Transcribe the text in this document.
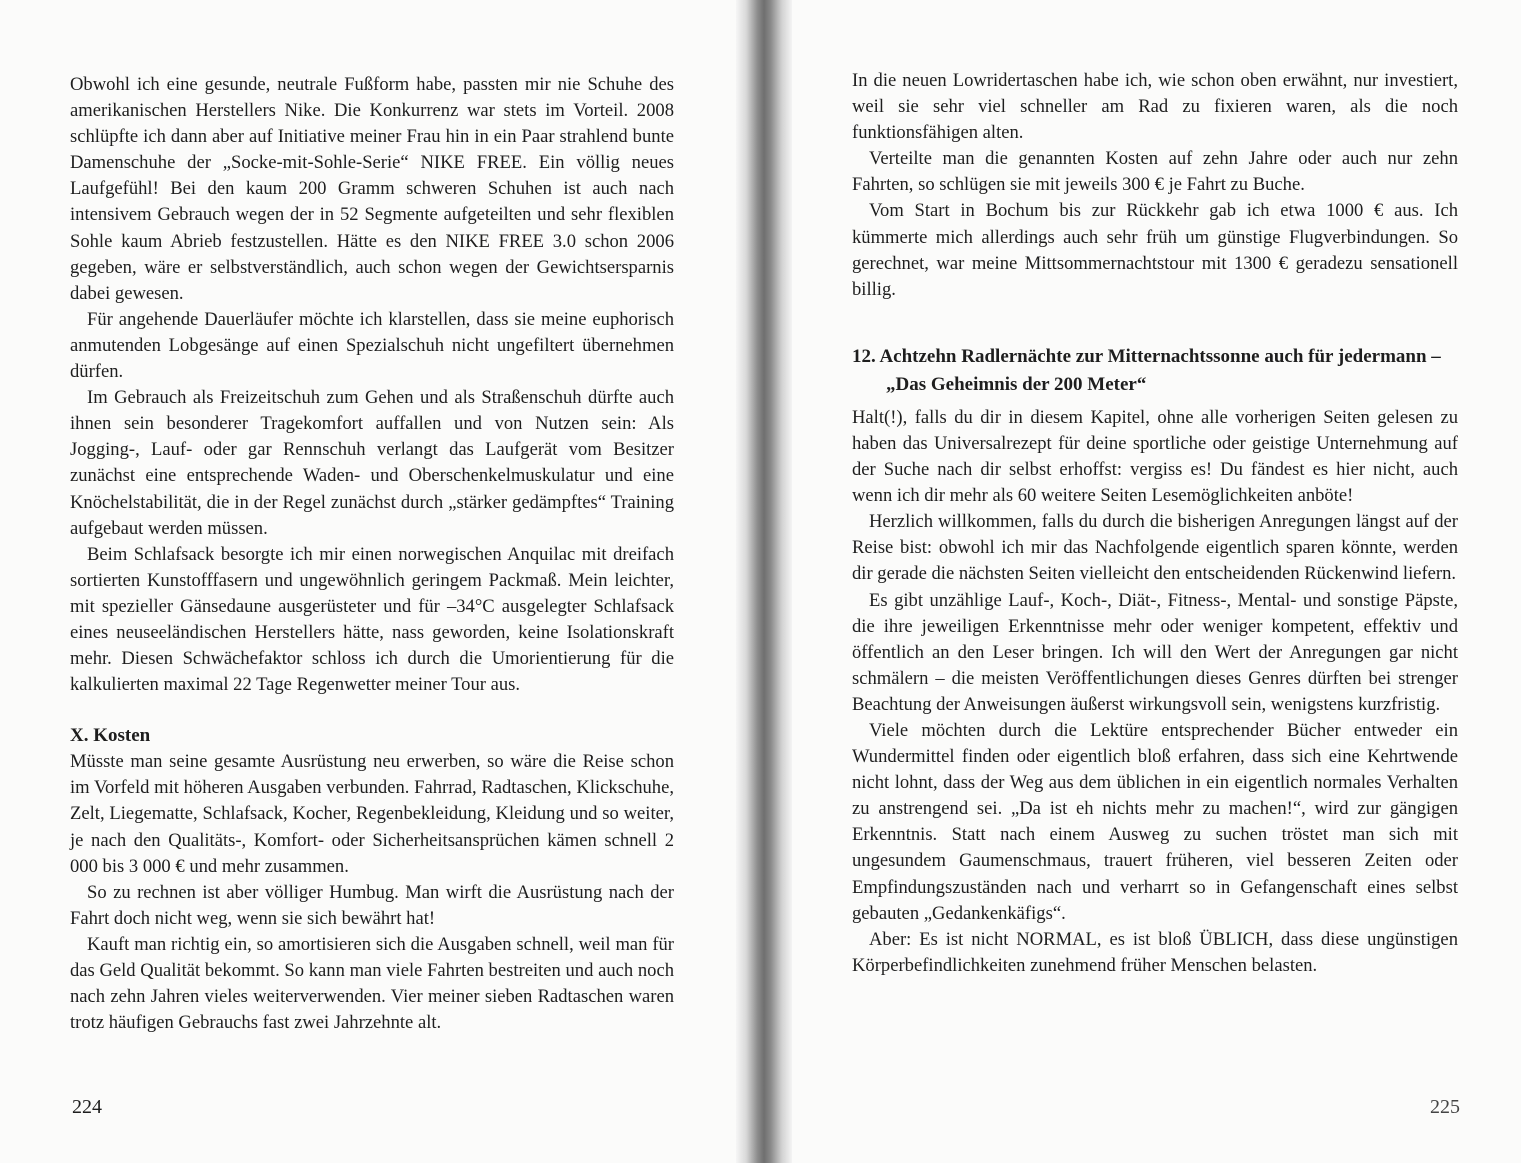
Obwohl ich eine gesunde, neutrale Fußform habe, passten mir nie Schuhe des amerikanischen Herstellers Nike. Die Konkurrenz war stets im Vorteil. 2008 schlüpfte ich dann aber auf Initiative meiner Frau hin in ein Paar strahlend bunte Damenschuhe der „Socke-mit-Sohle-Serie“ NIKE FREE. Ein völlig neues Laufgefühl! Bei den kaum 200 Gramm schweren Schuhen ist auch nach intensivem Gebrauch wegen der in 52 Segmente aufgeteilten und sehr flexiblen Sohle kaum Abrieb festzustellen. Hätte es den NIKE FREE 3.0 schon 2006 gegeben, wäre er selbstverständlich, auch schon wegen der Gewichtsersparnis dabei gewesen.

Für angehende Dauerläufer möchte ich klarstellen, dass sie meine euphorisch anmutenden Lobgesänge auf einen Spezialschuh nicht ungefiltert übernehmen dürfen.

Im Gebrauch als Freizeitschuh zum Gehen und als Straßenschuh dürfte auch ihnen sein besonderer Tragekomfort auffallen und von Nutzen sein: Als Jogging-, Lauf- oder gar Rennschuh verlangt das Laufgerät vom Besitzer zunächst eine entsprechende Waden- und Oberschenkelmuskulatur und eine Knöchelstabilität, die in der Regel zunächst durch „stärker gedämpftes“ Training aufgebaut werden müssen.

Beim Schlafsack besorgte ich mir einen norwegischen Anquilac mit dreifach sortierten Kunstofffasern und ungewöhnlich geringem Packmaß. Mein leichter, mit spezieller Gänsedaune ausgerüsteter und für –34°C ausgelegter Schlafsack eines neuseeländischen Herstellers hätte, nass geworden, keine Isolationskraft mehr. Diesen Schwächefaktor schloss ich durch die Umorientierung für die kalkulierten maximal 22 Tage Regenwetter meiner Tour aus.

X. Kosten

Müsste man seine gesamte Ausrüstung neu erwerben, so wäre die Reise schon im Vorfeld mit höheren Ausgaben verbunden. Fahrrad, Radtaschen, Klickschuhe, Zelt, Liegematte, Schlafsack, Kocher, Regenbekleidung, Kleidung und so weiter, je nach den Qualitäts-, Komfort- oder Sicherheitsansprüchen kämen schnell 2 000 bis 3 000 € und mehr zusammen.

So zu rechnen ist aber völliger Humbug. Man wirft die Ausrüstung nach der Fahrt doch nicht weg, wenn sie sich bewährt hat!

Kauft man richtig ein, so amortisieren sich die Ausgaben schnell, weil man für das Geld Qualität bekommt. So kann man viele Fahrten bestreiten und auch noch nach zehn Jahren vieles weiterverwenden. Vier meiner sieben Radtaschen waren trotz häufigen Gebrauchs fast zwei Jahrzehnte alt.

224

In die neuen Lowridertaschen habe ich, wie schon oben erwähnt, nur investiert, weil sie sehr viel schneller am Rad zu fixieren waren, als die noch funktionsfähigen alten.

Verteilte man die genannten Kosten auf zehn Jahre oder auch nur zehn Fahrten, so schlügen sie mit jeweils 300 € je Fahrt zu Buche.

Vom Start in Bochum bis zur Rückkehr gab ich etwa 1000 € aus. Ich kümmerte mich allerdings auch sehr früh um günstige Flugverbindungen. So gerechnet, war meine Mittsommernachtstour mit 1300 € geradezu sensationell billig.

12. Achtzehn Radlernächte zur Mitternachtssonne auch für jedermann – „Das Geheimnis der 200 Meter“

Halt(!), falls du dir in diesem Kapitel, ohne alle vorherigen Seiten gelesen zu haben das Universalrezept für deine sportliche oder geistige Unternehmung auf der Suche nach dir selbst erhoffst: vergiss es! Du fändest es hier nicht, auch wenn ich dir mehr als 60 weitere Seiten Lesemöglichkeiten anböte!

Herzlich willkommen, falls du durch die bisherigen Anregungen längst auf der Reise bist: obwohl ich mir das Nachfolgende eigentlich sparen könnte, werden dir gerade die nächsten Seiten vielleicht den entscheidenden Rückenwind liefern.

Es gibt unzählige Lauf-, Koch-, Diät-, Fitness-, Mental- und sonstige Päpste, die ihre jeweiligen Erkenntnisse mehr oder weniger kompetent, effektiv und öffentlich an den Leser bringen. Ich will den Wert der Anregungen gar nicht schmälern – die meisten Veröffentlichungen dieses Genres dürften bei strenger Beachtung der Anweisungen äußerst wirkungsvoll sein, wenigstens kurzfristig.

Viele möchten durch die Lektüre entsprechender Bücher entweder ein Wundermittel finden oder eigentlich bloß erfahren, dass sich eine Kehrtwende nicht lohnt, dass der Weg aus dem üblichen in ein eigentlich normales Verhalten zu anstrengend sei. „Da ist eh nichts mehr zu machen!“, wird zur gängigen Erkenntnis. Statt nach einem Ausweg zu suchen tröstet man sich mit ungesundem Gaumenschmaus, trauert früheren, viel besseren Zeiten oder Empfindungszuständen nach und verharrt so in Gefangenschaft eines selbst gebauten „Gedankenkäfigs“.

Aber: Es ist nicht NORMAL, es ist bloß ÜBLICH, dass diese ungünstigen Körperbefindlichkeiten zunehmend früher Menschen belasten.

225
